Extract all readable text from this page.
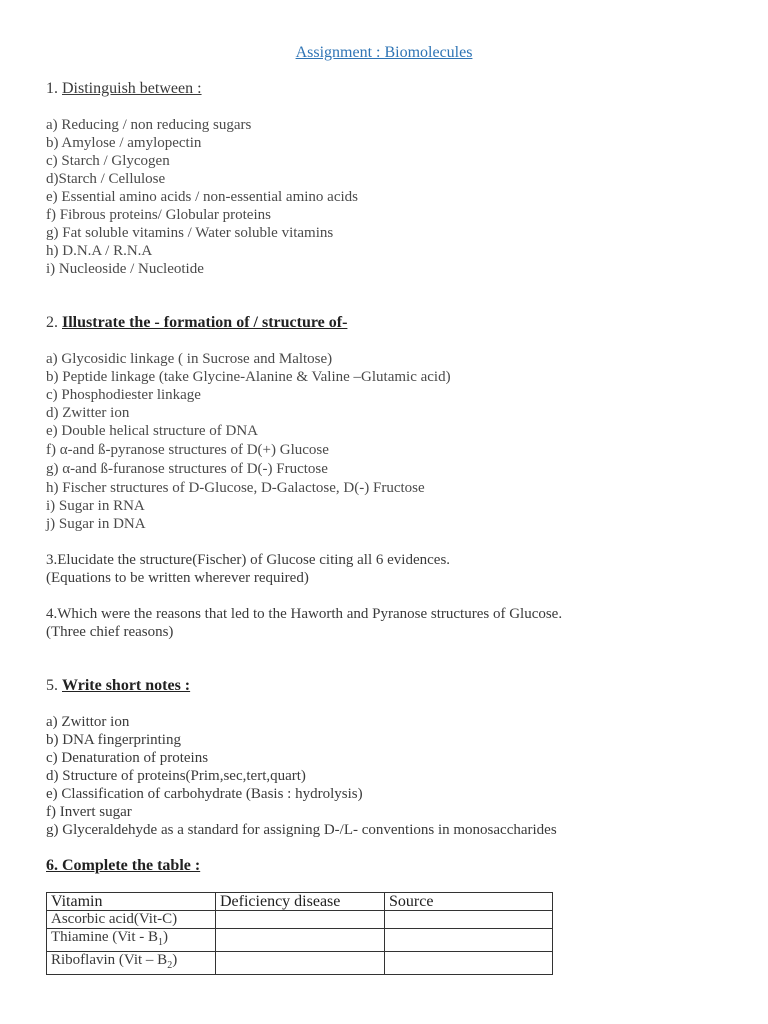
Assignment : Biomolecules
1. Distinguish between :
a) Reducing / non reducing sugars
b) Amylose / amylopectin
c) Starch / Glycogen
d)Starch / Cellulose
e) Essential amino acids / non-essential amino acids
f) Fibrous proteins/ Globular proteins
g) Fat soluble vitamins / Water soluble vitamins
h) D.N.A / R.N.A
i) Nucleoside / Nucleotide
2. Illustrate the - formation of / structure of-
a) Glycosidic linkage ( in Sucrose and Maltose)
b) Peptide linkage (take Glycine-Alanine & Valine –Glutamic acid)
c) Phosphodiester linkage
d) Zwitter ion
e) Double helical structure of DNA
f) α-and ß-pyranose structures of D(+) Glucose
g) α-and ß-furanose structures of D(-) Fructose
h) Fischer structures of D-Glucose, D-Galactose, D(-) Fructose
i) Sugar in RNA
j) Sugar in DNA
3.Elucidate the structure(Fischer) of Glucose citing all 6 evidences.
(Equations to be written wherever required)
4.Which were the reasons that led to the Haworth and Pyranose structures of Glucose.
(Three chief reasons)
5. Write short notes :
a) Zwittor ion
b) DNA fingerprinting
c) Denaturation of proteins
d) Structure of proteins(Prim,sec,tert,quart)
e) Classification of carbohydrate (Basis : hydrolysis)
f) Invert sugar
g) Glyceraldehyde as a standard for assigning D-/L- conventions in monosaccharides
6. Complete the table :
Vitamin	Deficiency disease	Source
Ascorbic acid(Vit-C)		
Thiamine $(Vit - B_1)$		
Riboflavin $(Vit - B_2)$		
